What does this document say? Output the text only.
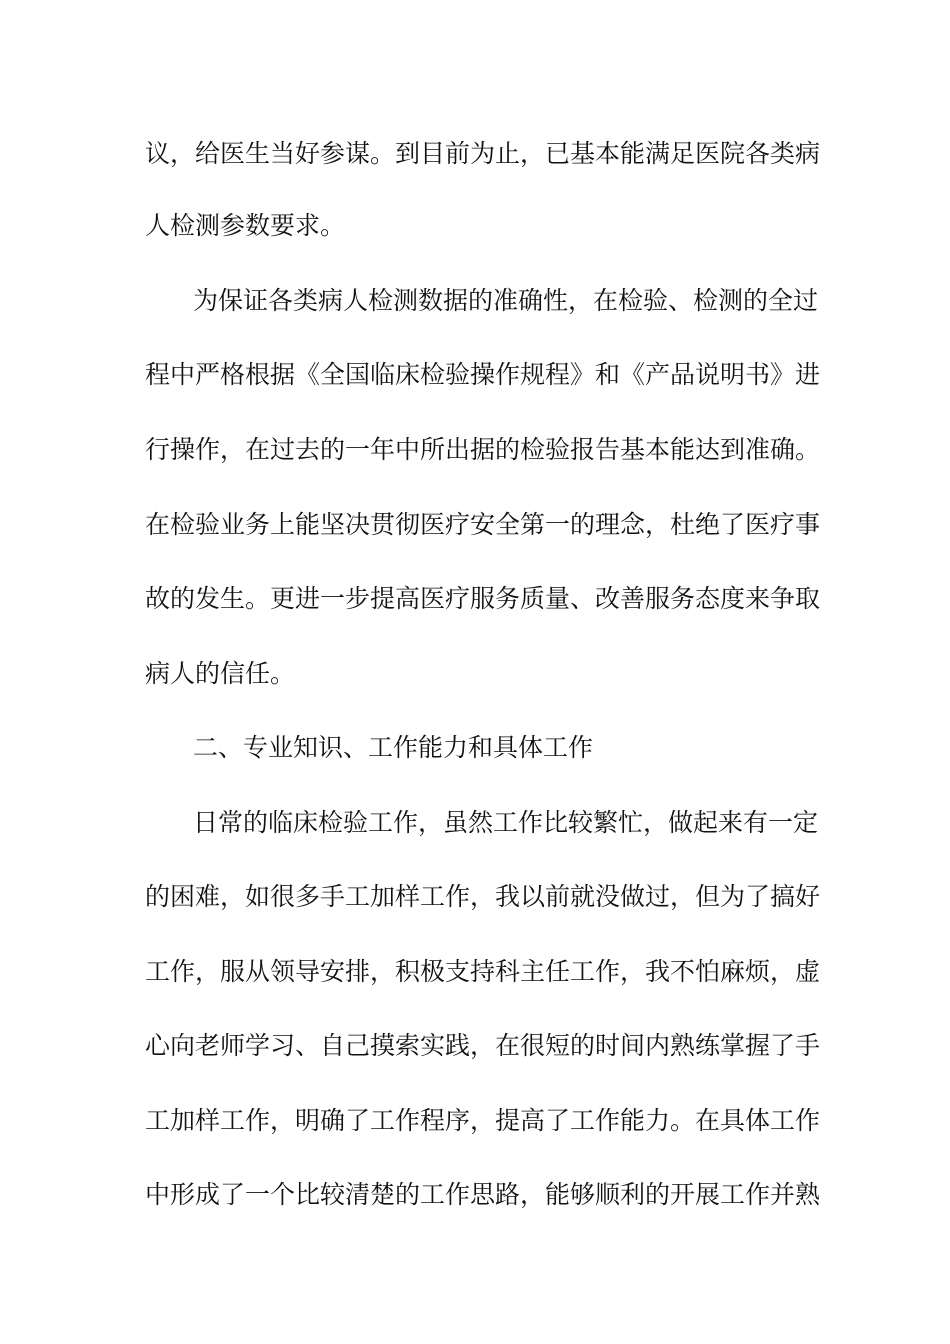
议，给医生当好参谋。到目前为止，已基本能满足医院各类病
人检测参数要求。
为保证各类病人检测数据的准确性，在检验、检测的全过
程中严格根据《全国临床检验操作规程》和《产品说明书》进
行操作，在过去的一年中所出据的检验报告基本能达到准确。
在检验业务上能坚决贯彻医疗安全第一的理念，杜绝了医疗事
故的发生。更进一步提高医疗服务质量、改善服务态度来争取
病人的信任。
二、专业知识、工作能力和具体工作
日常的临床检验工作，虽然工作比较繁忙，做起来有一定
的困难，如很多手工加样工作，我以前就没做过，但为了搞好
工作，服从领导安排，积极支持科主任工作，我不怕麻烦，虚
心向老师学习、自己摸索实践，在很短的时间内熟练掌握了手
工加样工作，明确了工作程序，提高了工作能力。在具体工作
中形成了一个比较清楚的工作思路，能够顺利的开展工作并熟
